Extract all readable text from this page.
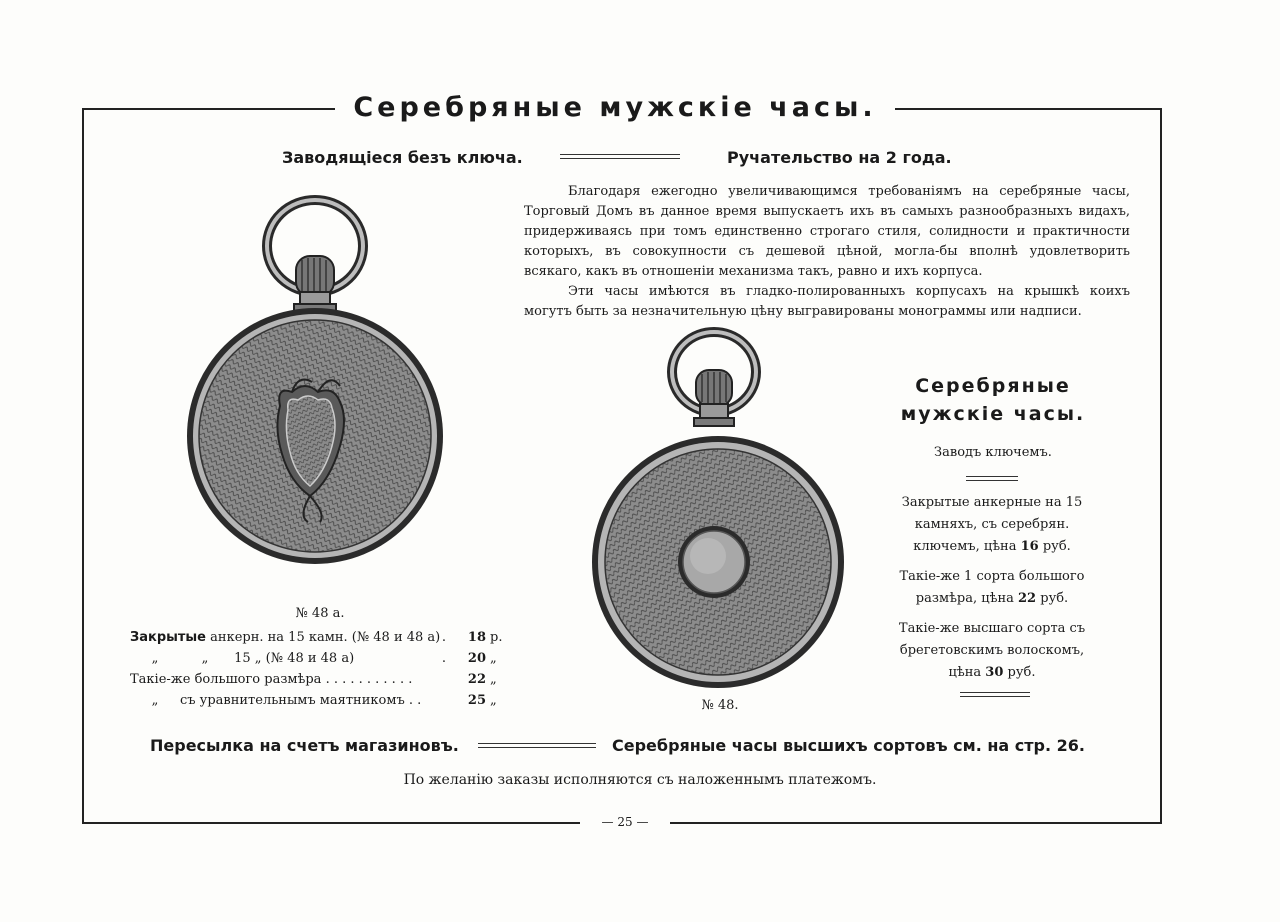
Серебряные мужскiе часы.
Заводящiеся безъ ключа.	Ручательство на 2 года.
Благодаря ежегодно увеличивающимся требованiямъ на серебряные часы,
Торговый Домъ въ данное время выпускаетъ ихъ въ самыхъ разнообразныхъ видахъ,
придерживаясь при томъ единственно строгаго стиля, солидности и практичности
которыхъ, въ совокупности съ дешевой цѣной, могла-бы вполнѣ удовлетворить
всякаго, какъ въ отношенiи механизма такъ, равно и ихъ корпуса.
Эти часы имѣются въ гладко-полированныхъ корпусахъ на крышкѣ коихъ
могутъ быть за незначительную цѣну выгравированы монограммы или надписи.
№ 48 а.
Закрытые анкерн. на 15 камн. (№ 48 и 48 а) .	18 р.
„	„ 15 „ (№ 48 и 48 а)	.	20 „
Такiе-же большого размѣра . . . . . . . . . . .	22 „
„ съ уравнительнымъ маятникомъ . .	25 „	№ 48.
Серебряные
мужскiе часы.
Заводъ ключемъ.
Закрытые анкерные на 15 камняхъ, съ серебрян. ключемъ, цѣна 16 руб.
Такiе-же 1 сорта большого размѣра, цѣна 22 руб.
Такiе-же высшаго сорта съ брегетовскимъ волоскомъ, цѣна 30 руб.
Пересылка на счетъ магазиновъ.	Серебряные часы высшихъ сортовъ см. на стр. 26.
По желанiю заказы исполняются съ наложеннымъ платежомъ.
— 25 —
